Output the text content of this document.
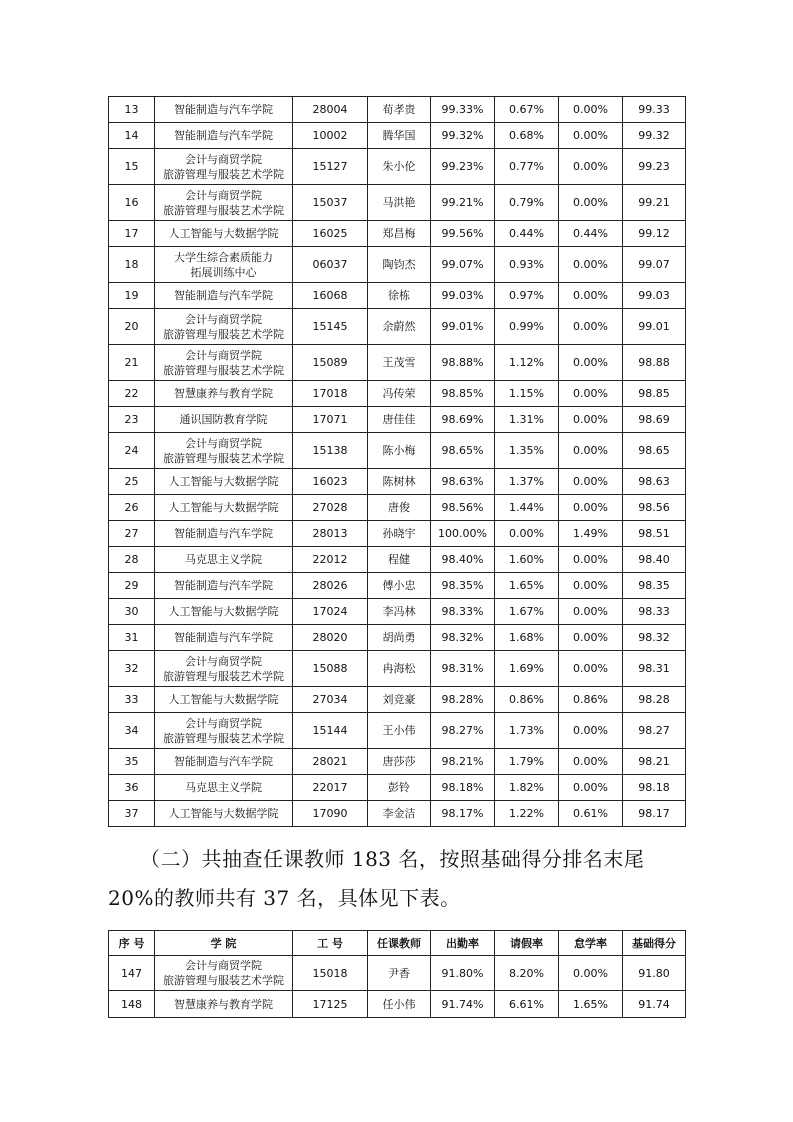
13	智能制造与汽车学院	28004	荀孝贵	99.33%	0.67%	0.00%	99.33
14	智能制造与汽车学院	10002	腾华国	99.32%	0.68%	0.00%	99.32
15	会计与商贸学院
旅游管理与服装艺术学院	15127	朱小伦	99.23%	0.77%	0.00%	99.23
16	会计与商贸学院
旅游管理与服装艺术学院	15037	马洪艳	99.21%	0.79%	0.00%	99.21
17	人工智能与大数据学院	16025	郑昌梅	99.56%	0.44%	0.44%	99.12
18	大学生综合素质能力
拓展训练中心	06037	陶钧杰	99.07%	0.93%	0.00%	99.07
19	智能制造与汽车学院	16068	徐栋	99.03%	0.97%	0.00%	99.03
20	会计与商贸学院
旅游管理与服装艺术学院	15145	余蔚然	99.01%	0.99%	0.00%	99.01
21	会计与商贸学院
旅游管理与服装艺术学院	15089	王茂雪	98.88%	1.12%	0.00%	98.88
22	智慧康养与教育学院	17018	冯传荣	98.85%	1.15%	0.00%	98.85
23	通识国防教育学院	17071	唐佳佳	98.69%	1.31%	0.00%	98.69
24	会计与商贸学院
旅游管理与服装艺术学院	15138	陈小梅	98.65%	1.35%	0.00%	98.65
25	人工智能与大数据学院	16023	陈树林	98.63%	1.37%	0.00%	98.63
26	人工智能与大数据学院	27028	唐俊	98.56%	1.44%	0.00%	98.56
27	智能制造与汽车学院	28013	孙晓宇	100.00%	0.00%	1.49%	98.51
28	马克思主义学院	22012	程健	98.40%	1.60%	0.00%	98.40
29	智能制造与汽车学院	28026	傅小忠	98.35%	1.65%	0.00%	98.35
30	人工智能与大数据学院	17024	李冯林	98.33%	1.67%	0.00%	98.33
31	智能制造与汽车学院	28020	胡尚勇	98.32%	1.68%	0.00%	98.32
32	会计与商贸学院
旅游管理与服装艺术学院	15088	冉海松	98.31%	1.69%	0.00%	98.31
33	人工智能与大数据学院	27034	刘竞豪	98.28%	0.86%	0.86%	98.28
34	会计与商贸学院
旅游管理与服装艺术学院	15144	王小伟	98.27%	1.73%	0.00%	98.27
35	智能制造与汽车学院	28021	唐莎莎	98.21%	1.79%	0.00%	98.21
36	马克思主义学院	22017	彭铃	98.18%	1.82%	0.00%	98.18
37	人工智能与大数据学院	17090	李金洁	98.17%	1.22%	0.61%	98.17
（二）共抽查任课教师 183 名，按照基础得分排名末尾
20%的教师共有 37 名，具体见下表。
序 号	学 院	工 号	任课教师	出勤率	请假率	怠学率	基础得分
147	会计与商贸学院
旅游管理与服装艺术学院	15018	尹香	91.80%	8.20%	0.00%	91.80
148	智慧康养与教育学院	17125	任小伟	91.74%	6.61%	1.65%	91.74
